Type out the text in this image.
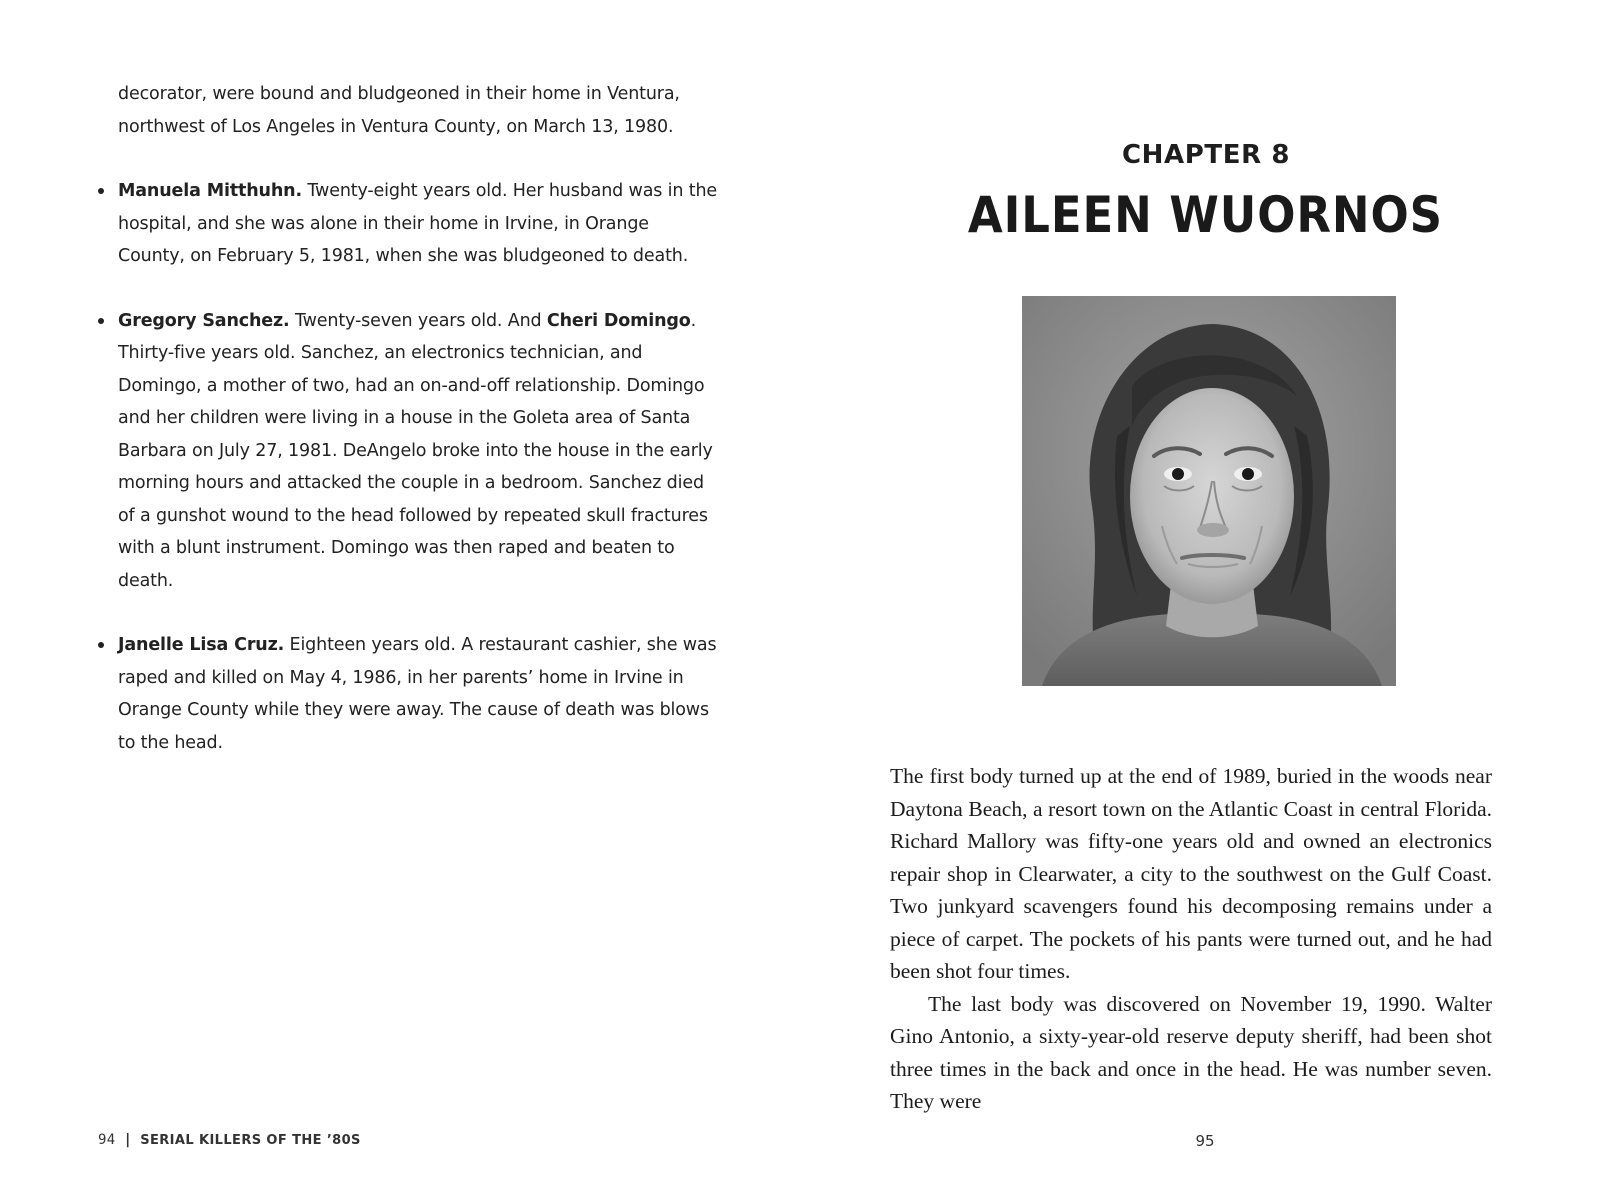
decorator, were bound and bludgeoned in their home in Ventura, northwest of Los Angeles in Ventura County, on March 13, 1980.

Manuela Mitthuhn. Twenty-eight years old. Her husband was in the hospital, and she was alone in their home in Irvine, in Orange County, on February 5, 1981, when she was bludgeoned to death.
Gregory Sanchez. Twenty-seven years old. And Cheri Domingo. Thirty-five years old. Sanchez, an electronics technician, and Domingo, a mother of two, had an on-and-off relationship. Domingo and her children were living in a house in the Goleta area of Santa Barbara on July 27, 1981. DeAngelo broke into the house in the early morning hours and attacked the couple in a bedroom. Sanchez died of a gunshot wound to the head followed by repeated skull fractures with a blunt instrument. Domingo was then raped and beaten to death.
Janelle Lisa Cruz. Eighteen years old. A restaurant cashier, she was raped and killed on May 4, 1986, in her parents’ home in Irvine in Orange County while they were away. The cause of death was blows to the head.
94 | SERIAL KILLERS OF THE ’80S
CHAPTER 8
AILEEN WUORNOS

The first body turned up at the end of 1989, buried in the woods near Daytona Beach, a resort town on the Atlantic Coast in central Florida. Richard Mallory was fifty-one years old and owned an electronics repair shop in Clearwater, a city to the southwest on the Gulf Coast. Two junkyard scavengers found his decomposing remains under a piece of carpet. The pockets of his pants were turned out, and he had been shot four times.

The last body was discovered on November 19, 1990. Walter Gino Antonio, a sixty-year-old reserve deputy sheriff, had been shot three times in the back and once in the head. He was number seven. They were

95
